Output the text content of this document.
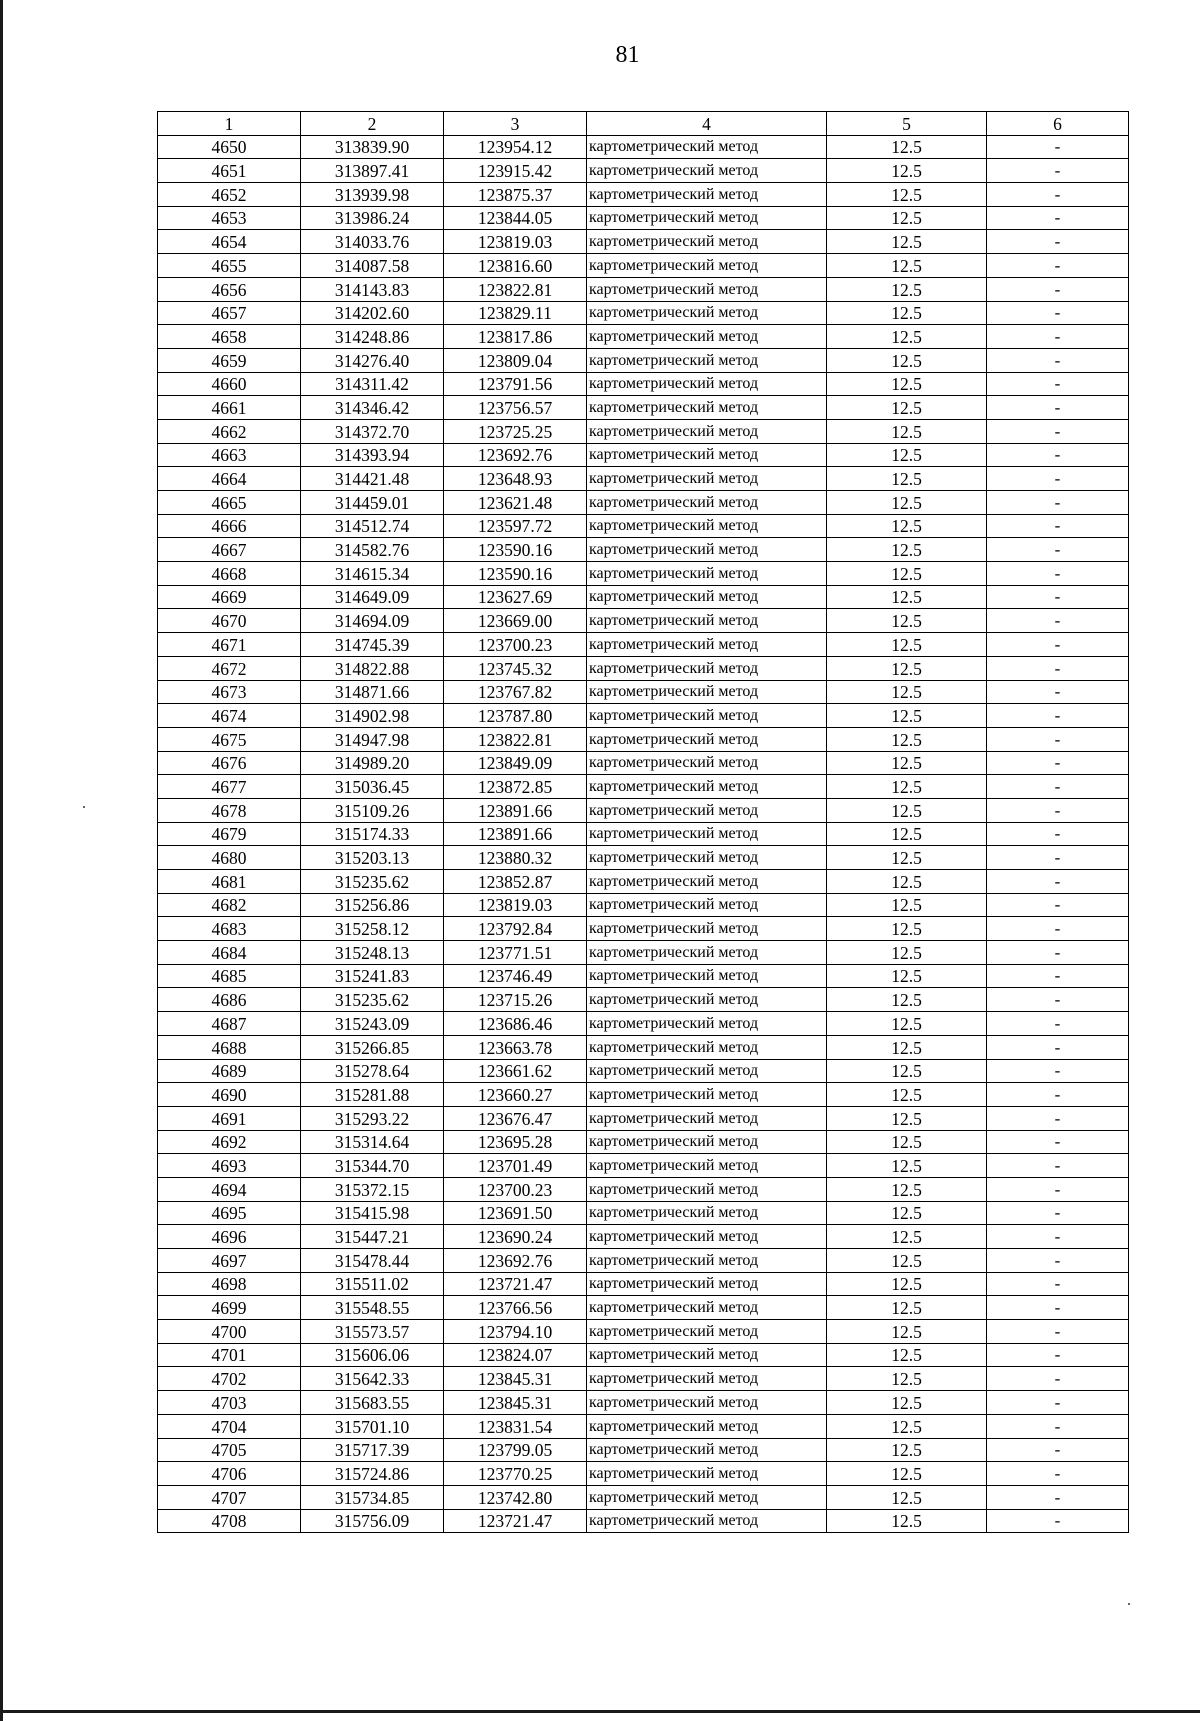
81
1	2	3	4	5	6
4650	313839.90	123954.12	картометрический метод	12.5	-
4651	313897.41	123915.42	картометрический метод	12.5	-
4652	313939.98	123875.37	картометрический метод	12.5	-
4653	313986.24	123844.05	картометрический метод	12.5	-
4654	314033.76	123819.03	картометрический метод	12.5	-
4655	314087.58	123816.60	картометрический метод	12.5	-
4656	314143.83	123822.81	картометрический метод	12.5	-
4657	314202.60	123829.11	картометрический метод	12.5	-
4658	314248.86	123817.86	картометрический метод	12.5	-
4659	314276.40	123809.04	картометрический метод	12.5	-
4660	314311.42	123791.56	картометрический метод	12.5	-
4661	314346.42	123756.57	картометрический метод	12.5	-
4662	314372.70	123725.25	картометрический метод	12.5	-
4663	314393.94	123692.76	картометрический метод	12.5	-
4664	314421.48	123648.93	картометрический метод	12.5	-
4665	314459.01	123621.48	картометрический метод	12.5	-
4666	314512.74	123597.72	картометрический метод	12.5	-
4667	314582.76	123590.16	картометрический метод	12.5	-
4668	314615.34	123590.16	картометрический метод	12.5	-
4669	314649.09	123627.69	картометрический метод	12.5	-
4670	314694.09	123669.00	картометрический метод	12.5	-
4671	314745.39	123700.23	картометрический метод	12.5	-
4672	314822.88	123745.32	картометрический метод	12.5	-
4673	314871.66	123767.82	картометрический метод	12.5	-
4674	314902.98	123787.80	картометрический метод	12.5	-
4675	314947.98	123822.81	картометрический метод	12.5	-
4676	314989.20	123849.09	картометрический метод	12.5	-
4677	315036.45	123872.85	картометрический метод	12.5	-
4678	315109.26	123891.66	картометрический метод	12.5	-
4679	315174.33	123891.66	картометрический метод	12.5	-
4680	315203.13	123880.32	картометрический метод	12.5	-
4681	315235.62	123852.87	картометрический метод	12.5	-
4682	315256.86	123819.03	картометрический метод	12.5	-
4683	315258.12	123792.84	картометрический метод	12.5	-
4684	315248.13	123771.51	картометрический метод	12.5	-
4685	315241.83	123746.49	картометрический метод	12.5	-
4686	315235.62	123715.26	картометрический метод	12.5	-
4687	315243.09	123686.46	картометрический метод	12.5	-
4688	315266.85	123663.78	картометрический метод	12.5	-
4689	315278.64	123661.62	картометрический метод	12.5	-
4690	315281.88	123660.27	картометрический метод	12.5	-
4691	315293.22	123676.47	картометрический метод	12.5	-
4692	315314.64	123695.28	картометрический метод	12.5	-
4693	315344.70	123701.49	картометрический метод	12.5	-
4694	315372.15	123700.23	картометрический метод	12.5	-
4695	315415.98	123691.50	картометрический метод	12.5	-
4696	315447.21	123690.24	картометрический метод	12.5	-
4697	315478.44	123692.76	картометрический метод	12.5	-
4698	315511.02	123721.47	картометрический метод	12.5	-
4699	315548.55	123766.56	картометрический метод	12.5	-
4700	315573.57	123794.10	картометрический метод	12.5	-
4701	315606.06	123824.07	картометрический метод	12.5	-
4702	315642.33	123845.31	картометрический метод	12.5	-
4703	315683.55	123845.31	картометрический метод	12.5	-
4704	315701.10	123831.54	картометрический метод	12.5	-
4705	315717.39	123799.05	картометрический метод	12.5	-
4706	315724.86	123770.25	картометрический метод	12.5	-
4707	315734.85	123742.80	картометрический метод	12.5	-
4708	315756.09	123721.47	картометрический метод	12.5	-
